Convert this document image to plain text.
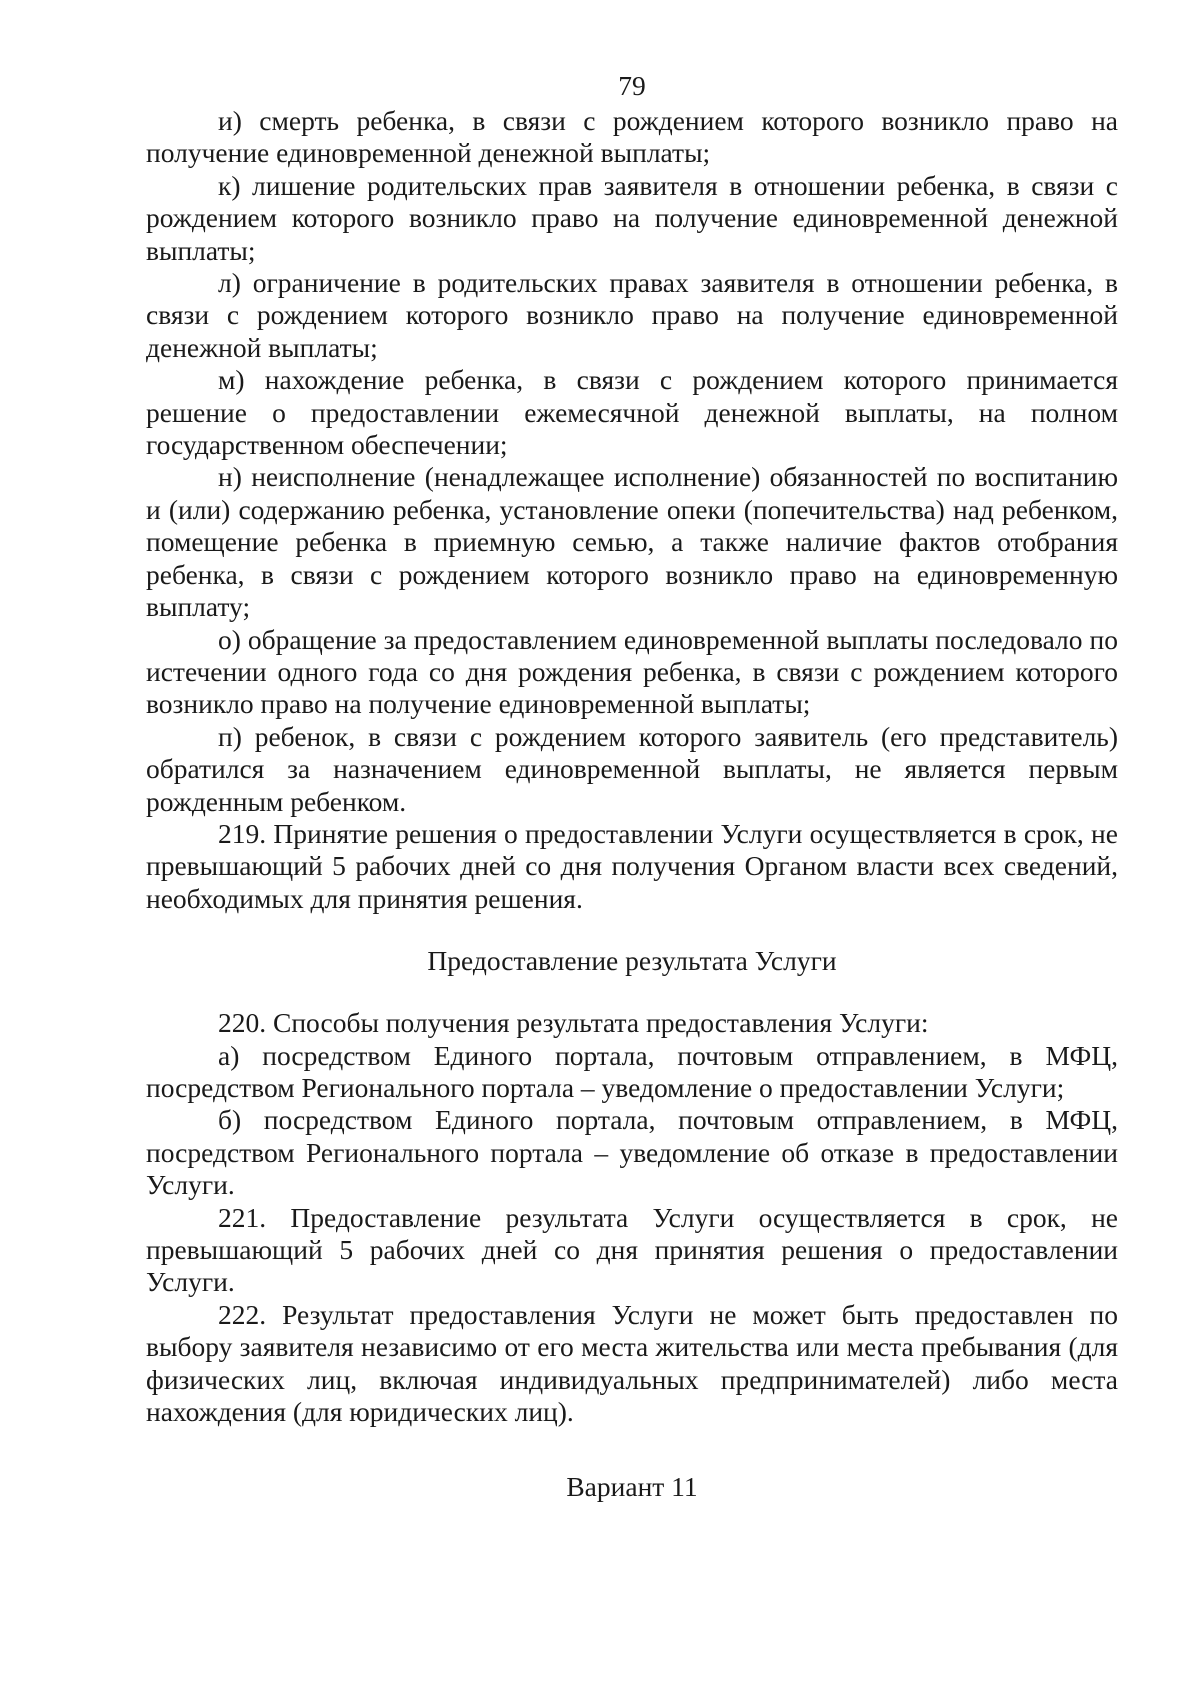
79

и) смерть ребенка, в связи с рождением которого возникло право на получение единовременной денежной выплаты;

к) лишение родительских прав заявителя в отношении ребенка, в связи с рождением которого возникло право на получение единовременной денежной выплаты;

л) ограничение в родительских правах заявителя в отношении ребенка, в связи с рождением которого возникло право на получение единовременной денежной выплаты;

м) нахождение ребенка, в связи с рождением которого принимается решение о предоставлении ежемесячной денежной выплаты, на полном государственном обеспечении;

н) неисполнение (ненадлежащее исполнение) обязанностей по воспитанию и (или) содержанию ребенка, установление опеки (попечительства) над ребенком, помещение ребенка в приемную семью, а также наличие фактов отобрания ребенка, в связи с рождением которого возникло право на единовременную выплату;

о) обращение за предоставлением единовременной выплаты последовало по истечении одного года со дня рождения ребенка, в связи с рождением которого возникло право на получение единовременной выплаты;

п) ребенок, в связи с рождением которого заявитель (его представитель) обратился за назначением единовременной выплаты, не является первым рожденным ребенком.

219. Принятие решения о предоставлении Услуги осуществляется в срок, не превышающий 5 рабочих дней со дня получения Органом власти всех сведений, необходимых для принятия решения.

Предоставление результата Услуги

220. Способы получения результата предоставления Услуги:

а) посредством Единого портала, почтовым отправлением, в МФЦ, посредством Регионального портала – уведомление о предоставлении Услуги;

б) посредством Единого портала, почтовым отправлением, в МФЦ, посредством Регионального портала – уведомление об отказе в предоставлении Услуги.

221. Предоставление результата Услуги осуществляется в срок, не превышающий 5 рабочих дней со дня принятия решения о предоставлении Услуги.

222. Результат предоставления Услуги не может быть предоставлен по выбору заявителя независимо от его места жительства или места пребывания (для физических лиц, включая индивидуальных предпринимателей) либо места нахождения (для юридических лиц).

Вариант 11
